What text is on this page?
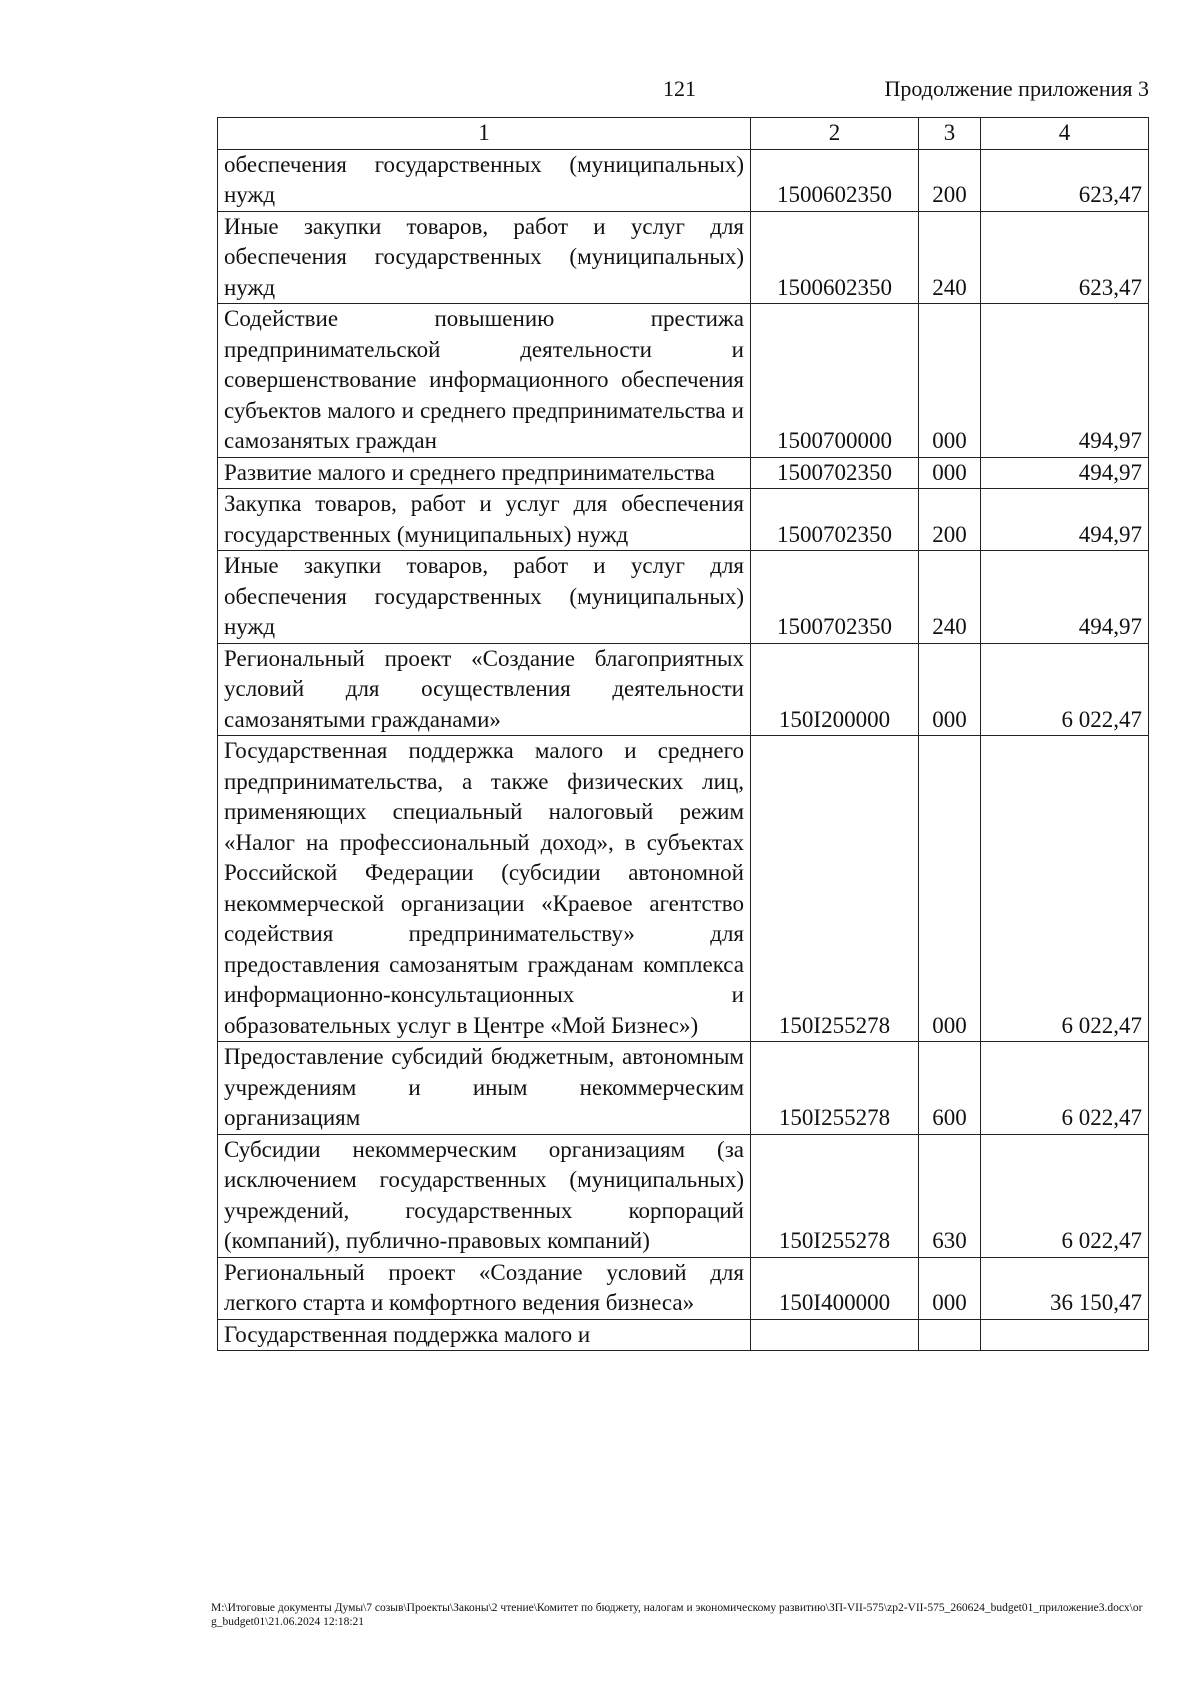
121	Продолжение приложения 3
1	2	3	4
обеспечения государственных (муниципальных) нужд	1500602350	200	623,47
Иные закупки товаров, работ и услуг для обеспечения государственных (муниципальных) нужд	1500602350	240	623,47
Содействие повышению престижа предпринимательской деятельности и совершенствование информационного обеспечения субъектов малого и среднего предпринимательства и самозанятых граждан	1500700000	000	494,97
Развитие малого и среднего предпринимательства	1500702350	000	494,97
Закупка товаров, работ и услуг для обеспечения государственных (муниципальных) нужд	1500702350	200	494,97
Иные закупки товаров, работ и услуг для обеспечения государственных (муниципальных) нужд	1500702350	240	494,97
Региональный проект «Создание благоприятных условий для осуществления деятельности самозанятыми гражданами»	150I200000	000	6 022,47
Государственная поддержка малого и среднего предпринимательства, а также физических лиц, применяющих специальный налоговый режим «Налог на профессиональный доход», в субъектах Российской Федерации (субсидии автономной некоммерческой организации «Краевое агентство содействия предпринимательству» для предоставления самозанятым гражданам комплекса информационно-консультационных и образовательных услуг в Центре «Мой Бизнес»)	150I255278	000	6 022,47
Предоставление субсидий бюджетным, автономным учреждениям и иным некоммерческим организациям	150I255278	600	6 022,47
Субсидии некоммерческим организациям (за исключением государственных (муниципальных) учреждений, государственных корпораций (компаний), публично-правовых компаний)	150I255278	630	6 022,47
Региональный проект «Создание условий для легкого старта и комфортного ведения бизнеса»	150I400000	000	36 150,47
Государственная поддержка малого и			
M:\Итоговые документы Думы\7 созыв\Проекты\Законы\2 чтение\Комитет по бюджету, налогам и экономическому развитию\ЗП-VII-575\zp2-VII-575_260624_budget01_приложение3.docx\org_budget01\21.06.2024 12:18:21
